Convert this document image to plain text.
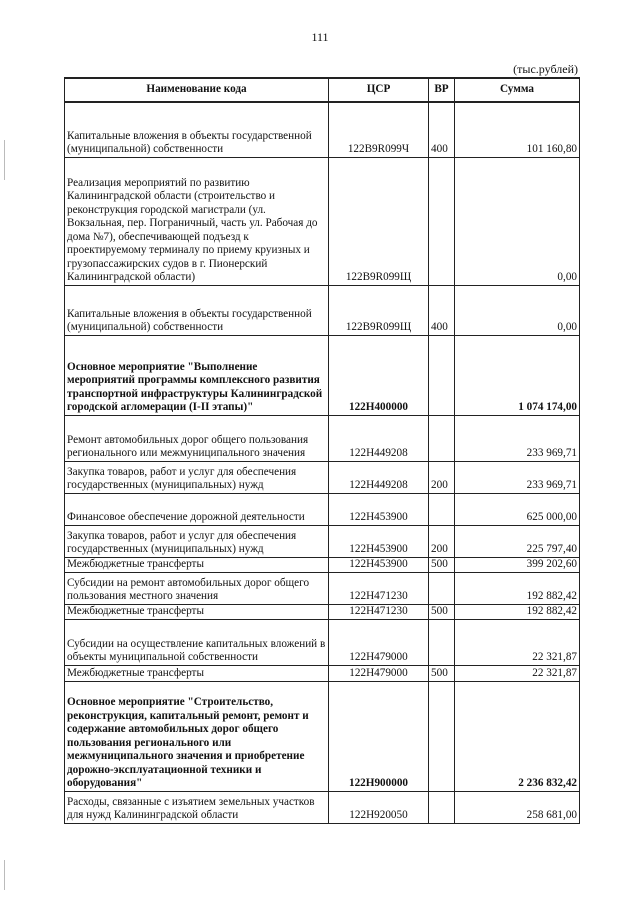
111
(тыс.рублей)
Наименование кода	ЦСР	ВР	Сумма
Капитальные вложения в объекты государственной (муниципальной) собственности	122В9R099Ч	400	101 160,80
Реализация мероприятий по развитию Калининградской области (строительство и реконструкция городской магистрали (ул. Вокзальная, пер. Пограничный, часть ул. Рабочая до дома №7), обеспечивающей подъезд к проектируемому терминалу по приему круизных и грузопассажирских судов в г. Пионерский Калининградской области)	122В9R099Щ		0,00
Капитальные вложения в объекты государственной (муниципальной) собственности	122В9R099Щ	400	0,00
Основное мероприятие "Выполнение мероприятий программы комплексного развития транспортной инфраструктуры Калининградской городской агломерации (I-II этапы)"	122Н400000		1 074 174,00
Ремонт автомобильных дорог общего пользования регионального или межмуниципального значения	122Н449208		233 969,71
Закупка товаров, работ и услуг для обеспечения государственных (муниципальных) нужд	122Н449208	200	233 969,71
Финансовое обеспечение дорожной деятельности	122Н453900		625 000,00
Закупка товаров, работ и услуг для обеспечения государственных (муниципальных) нужд	122Н453900	200	225 797,40
Межбюджетные трансферты	122Н453900	500	399 202,60
Субсидии на ремонт автомобильных дорог общего пользования местного значения	122Н471230		192 882,42
Межбюджетные трансферты	122Н471230	500	192 882,42
Субсидии на осуществление капитальных вложений в объекты муниципальной собственности	122Н479000		22 321,87
Межбюджетные трансферты	122Н479000	500	22 321,87
Основное мероприятие "Строительство, реконструкция, капитальный ремонт, ремонт и содержание автомобильных дорог общего пользования регионального или межмуниципального значения и приобретение дорожно-эксплуатационной техники и оборудования"	122Н900000		2 236 832,42
Расходы, связанные с изъятием земельных участков для нужд Калининградской области	122Н920050		258 681,00
